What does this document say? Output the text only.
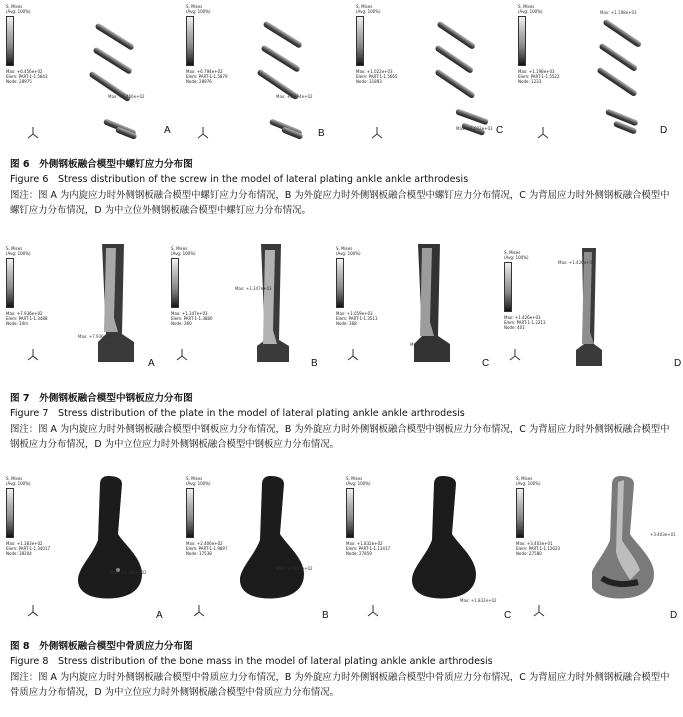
S, Mises
(Avg: 100%)
Max: +6.456e+02
Elem: PART-1-1.5843
Node: 28975
Max: +6.456e+02
A
S, Mises
(Avg: 100%)
Max: +6.794e+02
Elem: PART-1-1.5879
Node: 28976
Max: +6.794e+02
B
S, Mises
(Avg: 100%)
Max: +1.022e+03
Elem: PART-1-1.5665
Node: 31893
Max: +1.022e+03 C
S, Mises
(Avg: 100%)
Max: +1.198e+03
Elem: PART-1-1.5522
Node: 1233
Max: +1.198e+03
D
图 6　外侧钢板融合模型中螺钉应力分布图
Figure 6　Stress distribution of the screw in the model of lateral plating ankle ankle arthrodesis
图注：图 A 为内旋应力时外侧钢板融合模型中螺钉应力分布情况，B 为外旋应力时外侧钢板融合模型中螺钉应力分布情况，C 为背屈应力时外侧钢板融合模型中螺钉应力分布情况，D 为中立位外侧钢板融合模型中螺钉应力分布情况。
S, Mises
(Avg: 100%)
Max: +7.936e+02
Elem: PART-1-1.3488
Node: 34m
Max: +7.936e+02
A
S, Mises
(Avg: 100%)
Max: +1.347e+03
Elem: PART-1-1.3880
Node: 360
Max: +1.347e+03
B
S, Mises
(Avg: 100%)
Max: +1.059e+03
Elem: PART-1-1.3513
Node: 368
Max: +1.059e+03
C
S, Mises
(Avg: 100%)
Max: +1.426e+03
Elem: PART-1-1.2213
Node: 401
Max: +1.426e+03
D
图 7　外侧钢板融合模型中钢板应力分布图
Figure 7　Stress distribution of the plate in the model of lateral plating ankle ankle arthrodesis
图注：图 A 为内旋应力时外侧钢板融合模型中钢板应力分布情况，B 为外旋应力时外侧钢板融合模型中钢板应力分布情况，C 为背屈应力时外侧钢板融合模型中钢板应力分布情况，D 为中立位应力时外侧钢板融合模型中钢板应力分布情况。
S, Mises
(Avg: 100%)
Max: +1.383e+02
Elem: PART-1-1.34017
Node: 38204
Max: +1.383e+02
A
S, Mises
(Avg: 100%)
Max: +2.406e+02
Elem: PART-1-1.9897
Node: 17538
Max: +2.406e+02
B
S, Mises
(Avg: 100%)
Max: +1.832e+02
Elem: PART-1-1.13417
Node: 27859
Max: +1.832e+02
C
S, Mises
(Avg: 100%)
Max: +3.403e+01
Elem: PART-1-1.12623
Node: 27580
+3.403e+01
D
图 8　外侧钢板融合模型中骨质应力分布图
Figure 8　Stress distribution of the bone mass in the model of lateral plating ankle ankle arthrodesis
图注：图 A 为内旋应力时外侧钢板融合模型中骨质应力分布情况，B 为外旋应力时外侧钢板融合模型中骨质应力分布情况，C 为背屈应力时外侧钢板融合模型中骨质应力分布情况，D 为中立位应力时外侧钢板融合模型中骨质应力分布情况。
